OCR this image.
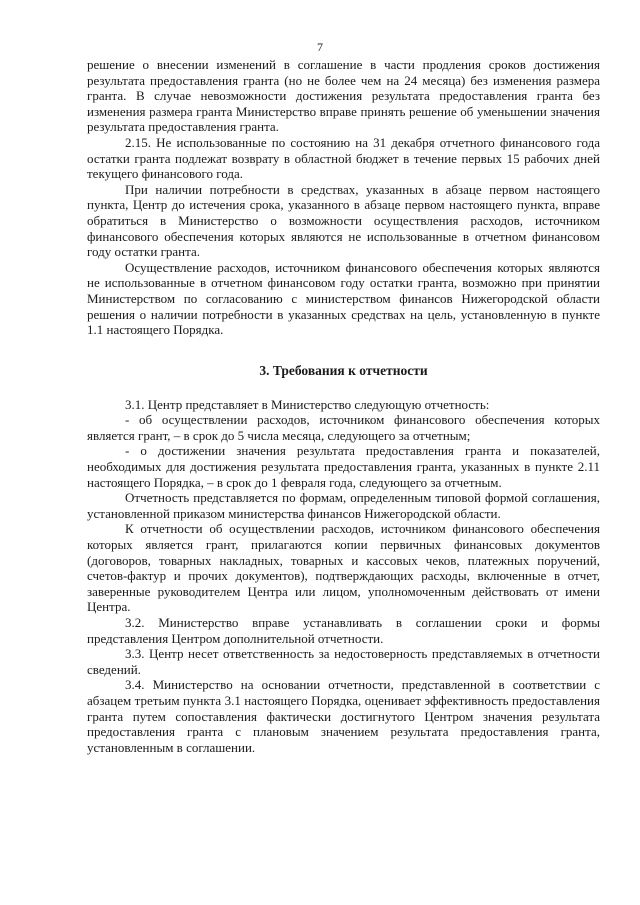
7

решение о внесении изменений в соглашение в части продления сроков достижения результата предоставления гранта (но не более чем на 24 месяца) без изменения размера гранта. В случае невозможности достижения результата предоставления гранта без изменения размера гранта Министерство вправе принять решение об уменьшении значения результата предоставления гранта.

2.15. Не использованные по состоянию на 31 декабря отчетного финансового года остатки гранта подлежат возврату в областной бюджет в течение первых 15 рабочих дней текущего финансового года.

При наличии потребности в средствах, указанных в абзаце первом настоящего пункта, Центр до истечения срока, указанного в абзаце первом настоящего пункта, вправе обратиться в Министерство о возможности осуществления расходов, источником финансового обеспечения которых являются не использованные в отчетном финансовом году остатки гранта.

Осуществление расходов, источником финансового обеспечения которых являются не использованные в отчетном финансовом году остатки гранта, возможно при принятии Министерством по согласованию с министерством финансов Нижегородской области решения о наличии потребности в указанных средствах на цель, установленную в пункте 1.1 настоящего Порядка.

3. Требования к отчетности

3.1. Центр представляет в Министерство следующую отчетность:

- об осуществлении расходов, источником финансового обеспечения которых является грант, – в срок до 5 числа месяца, следующего за отчетным;

- о достижении значения результата предоставления гранта и показателей, необходимых для достижения результата предоставления гранта, указанных в пункте 2.11 настоящего Порядка, – в срок до 1 февраля года, следующего за отчетным.

Отчетность представляется по формам, определенным типовой формой соглашения, установленной приказом министерства финансов Нижегородской области.

К отчетности об осуществлении расходов, источником финансового обеспечения которых является грант, прилагаются копии первичных финансовых документов (договоров, товарных накладных, товарных и кассовых чеков, платежных поручений, счетов-фактур и прочих документов), подтверждающих расходы, включенные в отчет, заверенные руководителем Центра или лицом, уполномоченным действовать от имени Центра.

3.2. Министерство вправе устанавливать в соглашении сроки и формы представления Центром дополнительной отчетности.

3.3. Центр несет ответственность за недостоверность представляемых в отчетности сведений.

3.4. Министерство на основании отчетности, представленной в соответствии с абзацем третьим пункта 3.1 настоящего Порядка, оценивает эффективность предоставления гранта путем сопоставления фактически достигнутого Центром значения результата предоставления гранта с плановым значением результата предоставления гранта, установленным в соглашении.
